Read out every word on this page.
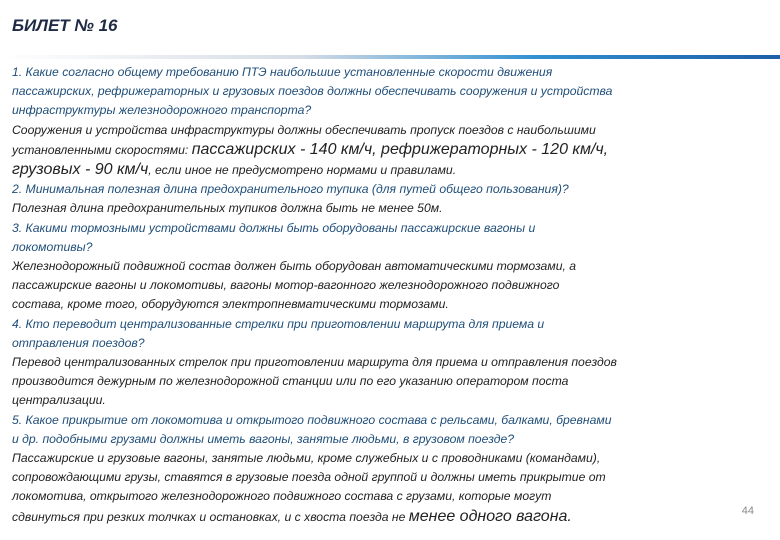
БИЛЕТ № 16
1. Какие согласно общему требованию ПТЭ наибольшие установленные скорости движения
пассажирских, рефрижераторных и грузовых поездов должны обеспечивать сооружения и устройства
инфраструктуры железнодорожного транспорта?
Сооружения и устройства инфраструктуры должны обеспечивать пропуск поездов с наибольшими
установленными скоростями: пассажирских - 140 км/ч, рефрижераторных - 120 км/ч,
грузовых - 90 км/ч, если иное не предусмотрено нормами и правилами.
2. Минимальная полезная длина предохранительного тупика (для путей общего пользования)?
Полезная длина предохранительных тупиков должна быть не менее 50м.
3. Какими тормозными устройствами должны быть оборудованы пассажирские вагоны и
локомотивы?
Железнодорожный подвижной состав должен быть оборудован автоматическими тормозами, а
пассажирские вагоны и локомотивы, вагоны мотор-вагонного железнодорожного подвижного
состава, кроме того, оборудуются электропневматическими тормозами.
4. Кто переводит централизованные стрелки при приготовлении маршрута для приема и
отправления поездов?
Перевод централизованных стрелок при приготовлении маршрута для приема и отправления поездов
производится дежурным по железнодорожной станции или по его указанию оператором поста
централизации.
5. Какое прикрытие от локомотива и открытого подвижного состава с рельсами, балками, бревнами
и др. подобными грузами должны иметь вагоны, занятые людьми, в грузовом поезде?
Пассажирские и грузовые вагоны, занятые людьми, кроме служебных и с проводниками (командами),
сопровождающими грузы, ставятся в грузовые поезда одной группой и должны иметь прикрытие от
локомотива, открытого железнодорожного подвижного состава с грузами, которые могут
сдвинуться при резких толчках и остановках, и с хвоста поезда не менее одного вагона.	44
